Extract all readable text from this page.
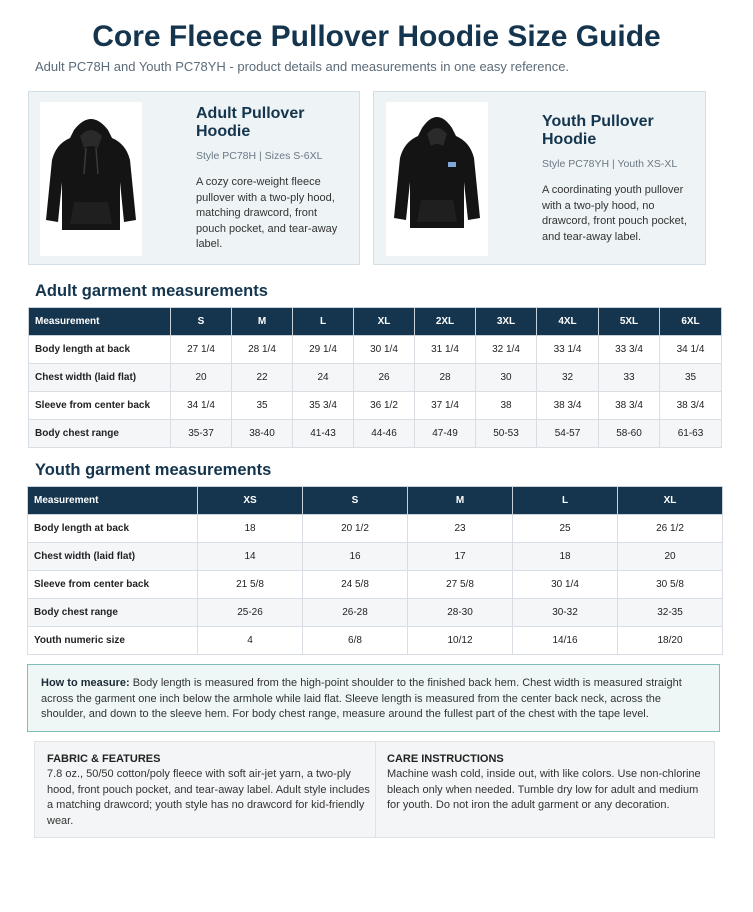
Core Fleece Pullover Hoodie Size Guide
Adult PC78H and Youth PC78YH - product details and measurements in one easy reference.
Adult Pullover Hoodie
Style PC78H | Sizes S-6XL
A cozy core-weight fleece pullover with a two-ply hood, matching drawcord, front pouch pocket, and tear-away label.
Youth Pullover Hoodie
Style PC78YH | Youth XS-XL
A coordinating youth pullover with a two-ply hood, no drawcord, front pouch pocket, and tear-away label.
Adult garment measurements
Measurement	S	M	L	XL	2XL	3XL	4XL	5XL	6XL
Body length at back	27 1/4	28 1/4	29 1/4	30 1/4	31 1/4	32 1/4	33 1/4	33 3/4	34 1/4
Chest width (laid flat)	20	22	24	26	28	30	32	33	35
Sleeve from center back	34 1/4	35	35 3/4	36 1/2	37 1/4	38	38 3/4	38 3/4	38 3/4
Body chest range	35-37	38-40	41-43	44-46	47-49	50-53	54-57	58-60	61-63
Youth garment measurements
Measurement	XS	S	M	L	XL
Body length at back	18	20 1/2	23	25	26 1/2
Chest width (laid flat)	14	16	17	18	20
Sleeve from center back	21 5/8	24 5/8	27 5/8	30 1/4	30 5/8
Body chest range	25-26	26-28	28-30	30-32	32-35
Youth numeric size	4	6/8	10/12	14/16	18/20
How to measure: Body length is measured from the high-point shoulder to the finished back hem. Chest width is measured straight across the garment one inch below the armhole while laid flat. Sleeve length is measured from the center back neck, across the shoulder, and down to the sleeve hem. For body chest range, measure around the fullest part of the chest with the tape level.
FABRIC & FEATURES
7.8 oz., 50/50 cotton/poly fleece with soft air-jet yarn, a two-ply hood, front pouch pocket, and tear-away label. Adult style includes a matching drawcord; youth style has no drawcord for kid-friendly wear.
CARE INSTRUCTIONS
Machine wash cold, inside out, with like colors. Use non-chlorine bleach only when needed. Tumble dry low for adult and medium for youth. Do not iron the adult garment or any decoration.
